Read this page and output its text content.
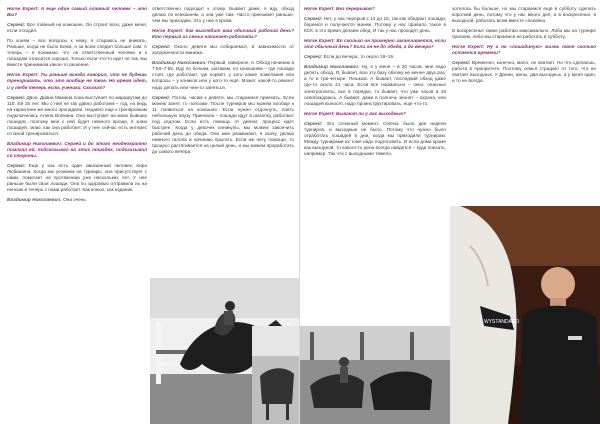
Horse Expert: А еще один самый главный человек – это Вы?

Сергей: Все главный на конюшне. Он строит всех, даже меня, если отходил.

По коням – все вопросы к нему, я стараюсь не вникать. Раньше, когда не было Бежа, я за всем следил больше сам. А теперь – я понимаю, что он ответственный человек и к лошадям относится хорошо. Только если что-то идет не так, мы вместе принимаем какое-то решение.

Horse Expert: Ты раньше всегда говорил, что не будешь тренировать, что это вообще не твое. Но время идет, и у тебя теперь есть ученики. Сколько?

Сергей: Двое. Диана Мамина пока выступает по маршрутам до 115. Ей 15 лет. Мы с ней не так давно работаем – год, но ведь на карантине же много пропадали. Недавно еще к тренировкам подключилась Алена Волкина. Она выступает на моих бывших лошадях, поэтому мне с ней будет немного проще, я знаю лошадей, знаю, как она работает. И у нее сейчас есть интерес со мной тренироваться.

Владимир Николаевич: Сергей и до этого неоднократно помогал ей, подсказывал на этих лошадях, подсказывал со стороны.

Сергей: Еще у нас есть один заказанный человек, Кира Любашина. Когда мы уезжаем на турниры, она присутствует с нами, помогает на протяжении уже нескольких лет. У нее раньше были свои лошади. Она по здоровью отправила их на пенсию и теперь с нами работает. Как конюх, как коданик.

Владимир Николаевич: Она очень

ответственно подходит к этому. Бывает даже, я иду, обход делаю по конюшням, а она уже там. Часто приезжает раньше, чем мы приходим. Это у нее в крови.

Horse Expert: Как выглядит ваш обычный рабочий день? Кто первый из семьи начинает работать?

Сергей: Около девяти мы собираемся, в зависимости от загруженности манежа.

Владимир Николаевич: Первый, наверное, я. Обход начинаю в 7:50–7:55. Иду по бочкам, шатаким, по конюшням – где лошади стоят, где работают, где кормят, у кого какие пожелания или вопросы – у коников или у кого-то ещё. Может, какой-то ремонт надо делать или чем-то заняться.

Сергей: Потом, часам к девяти, мы стараемся приехать. Если манеж занят, то попозже. После турниров мы можем вообще к 11 появиться на конюшне. Если нужно отдохнуть, взять небольшую паузу. Приехали – лошади идут в шагалку, работают под седлом. Если есть помощь от девчат, процесс идет быстрее. Когда у девочек каникулы, мы можем закончить рабочий день до обеда. Они мне разминают, я скачу, делаю немного галопа и начинаю прыгать. Если же нету помощи, то процесс растягивается на целый день, и мы можем проработать до самого вечера.

Horse Expert: Без перерывов?

Сергей: Нет, у нас перерыв с 14 до 15, так как обедают лошади, боремся и получается манеж. Потому у нас правило такое в КСК: в это время делаем обед. И так у нас проходят день.

Horse Expert: Во сколько он примерно заканчивается, если это обычный день? Если он не до обеда, а до вечера?

Сергей: Если до вечера, то около 18–19.

Владимир Николаевич: Ну, а у меня – в 20 часов, мне надо делать обход. Я, бывает, всю эту базу обхожу не менее двух раз, а то и три-четыре. Пешком. А бывает, последний обход даже где-то около 21 часа. Если все нормально – окно, опасные электроплиты, все в порядке, то бывает, что уже часов в 19 освобождаюсь. А бывает, даже в полночь звонят – охрана, или лошадей выносят, надо проинструктировать, еще что-то.

Horse Expert: Бывают ли у вас выходные?

Сергей: Это сложный момент. Сейчас было две недели турниров, и выходные не было. Потому что нужно было отработать лошадей в дни, когда мы приходили турнирам. Между турнирами их тоже надо подготовить. И если дома кроме как выходной, то какого-то дела всегда найдется – куда поехать, например. Так что с выходными тяжело,

хотелось бы больше, но мы стараемся ещё в субботу сделать короткий день, потому что у нас много дел, а в воскресенье, в выходной, работать всем вместе спокойно.

В воскресенье также работаю максимально. Либо мы на турнире пригаем, либо мы стараемся не работать в субботу.

Horse Expert: Ну а на «лошадиную» жизнь твое сколько остается времени?

Сергей: Временно, конечно, мало, не хватает. Но что сделаешь, работа в приоритете. Поэтому семья страдает от того, что не хватает выходных. У Дании, жены, два выходных, а у меня один, и то не всегда.

WYSTANDARD
